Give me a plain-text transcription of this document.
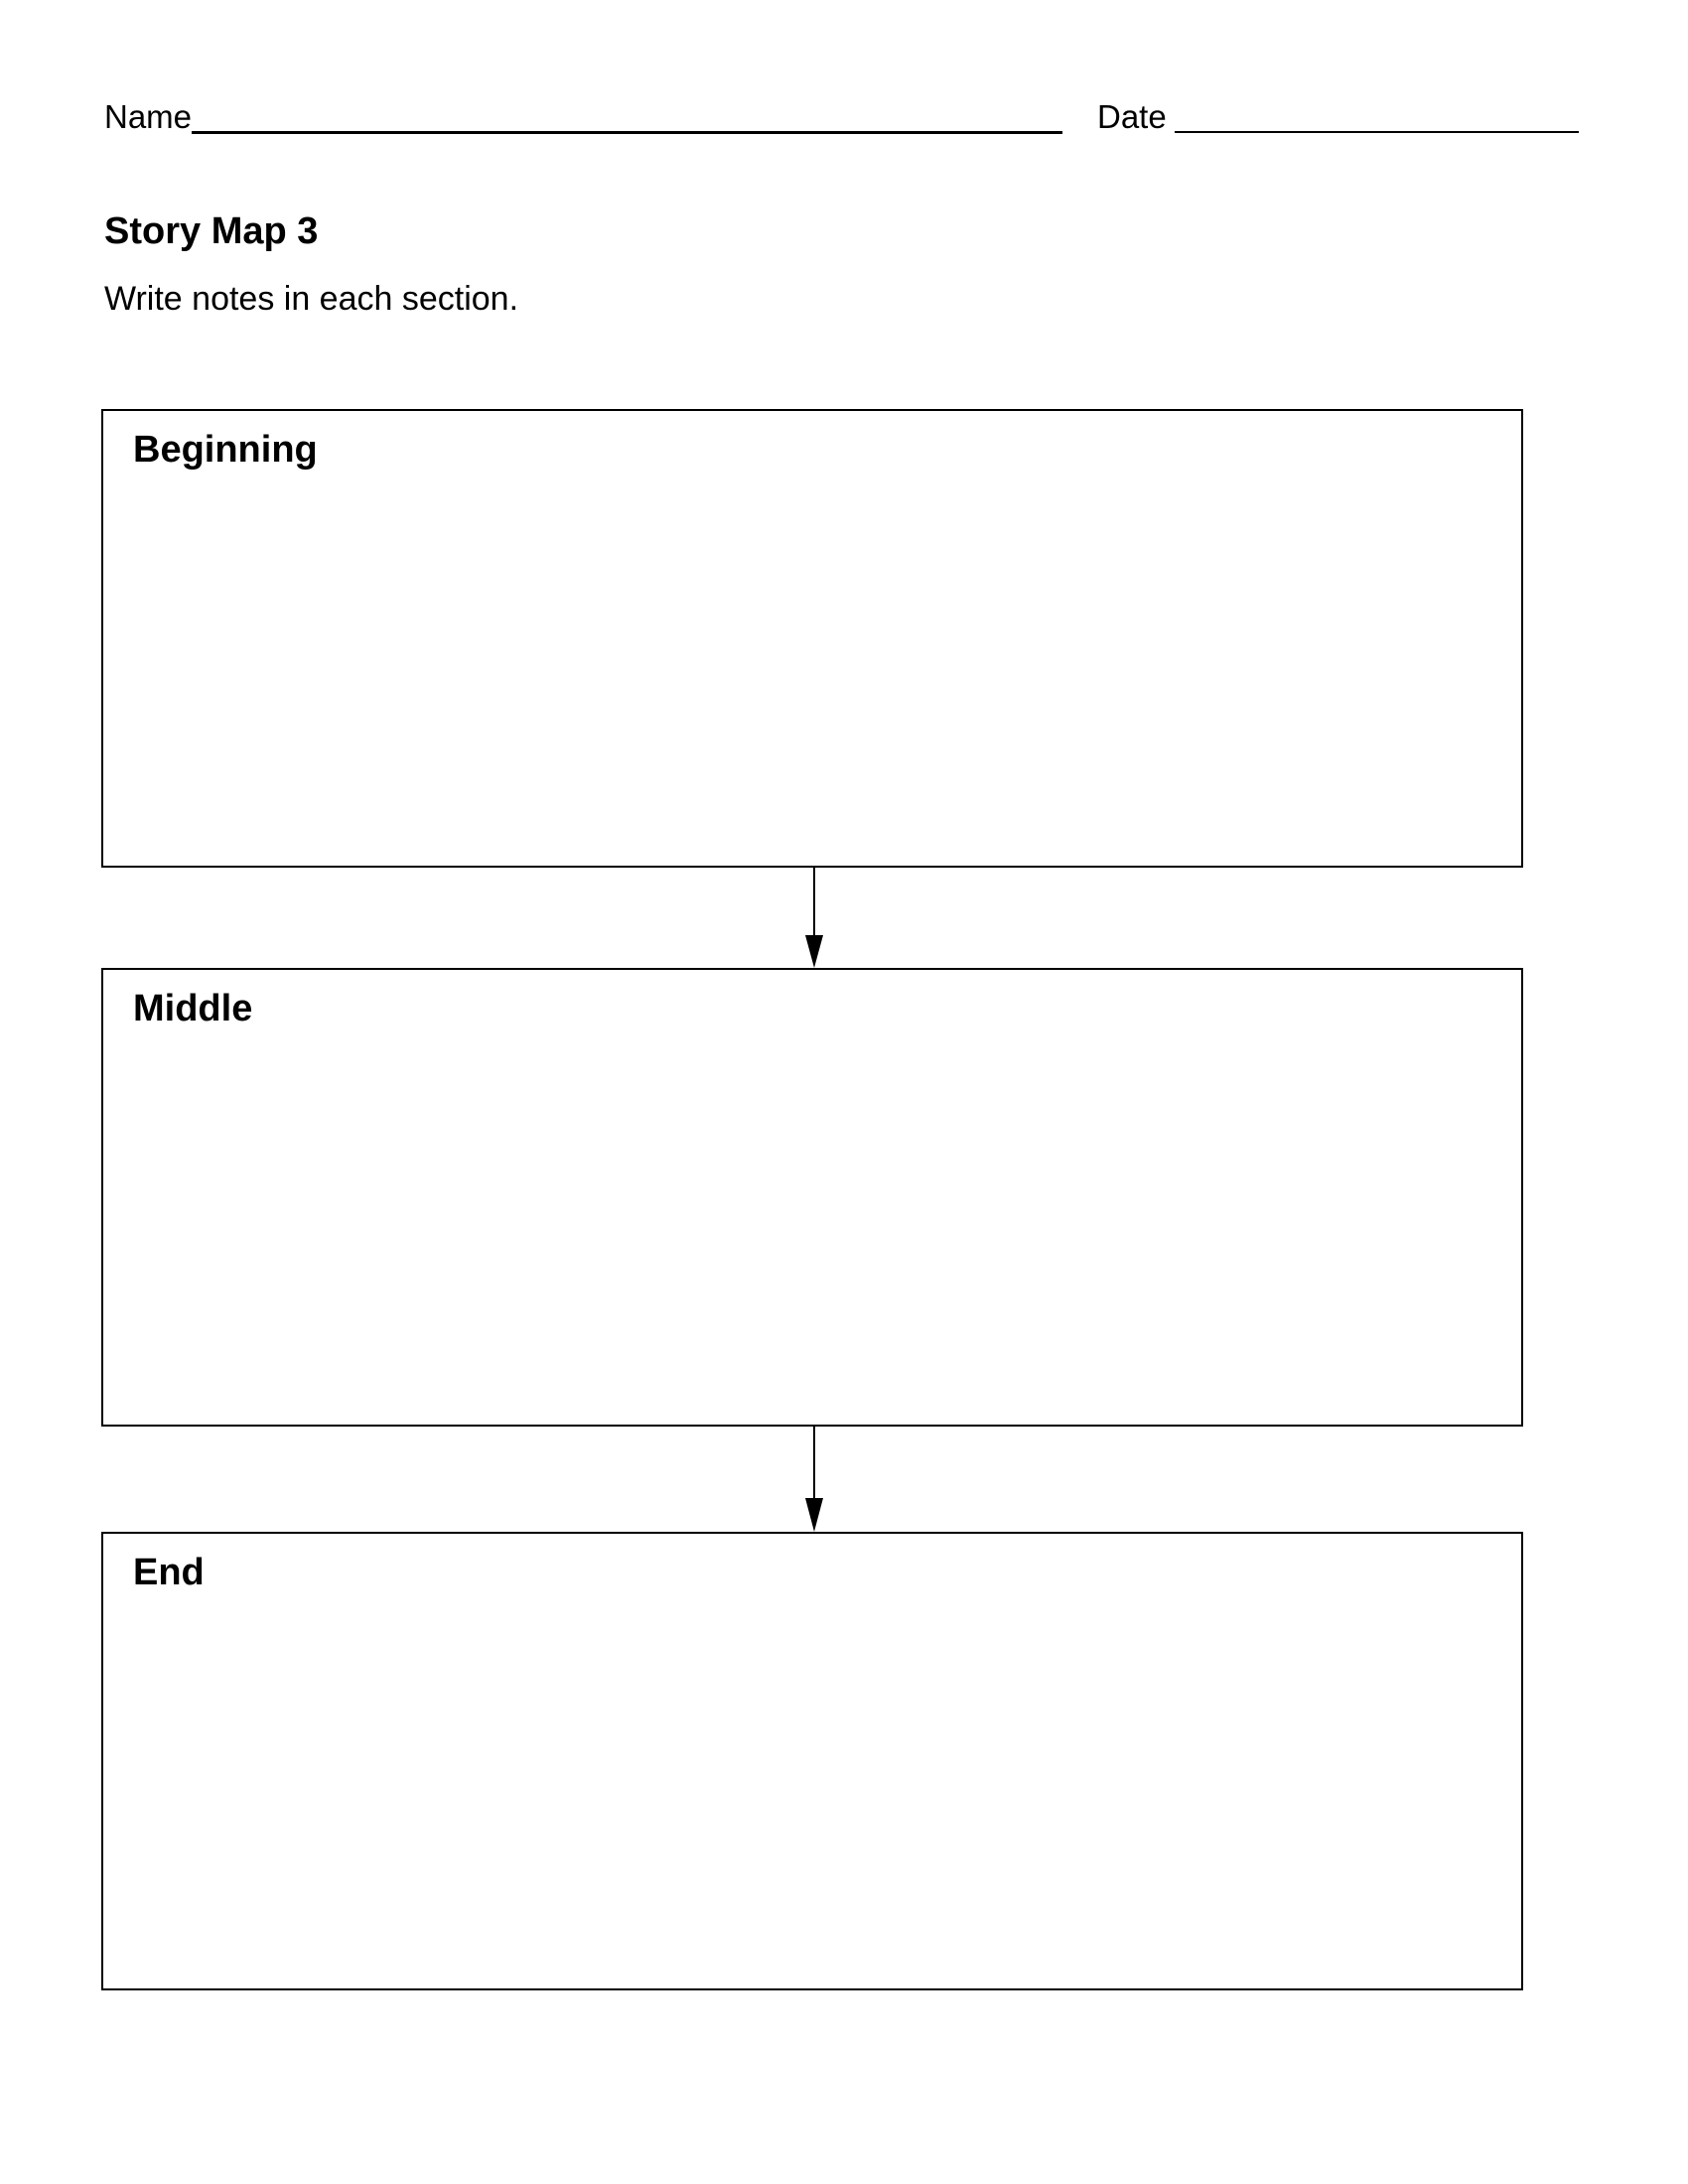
Name	Date
Story Map 3
Write notes in each section.
Beginning
Middle
End
